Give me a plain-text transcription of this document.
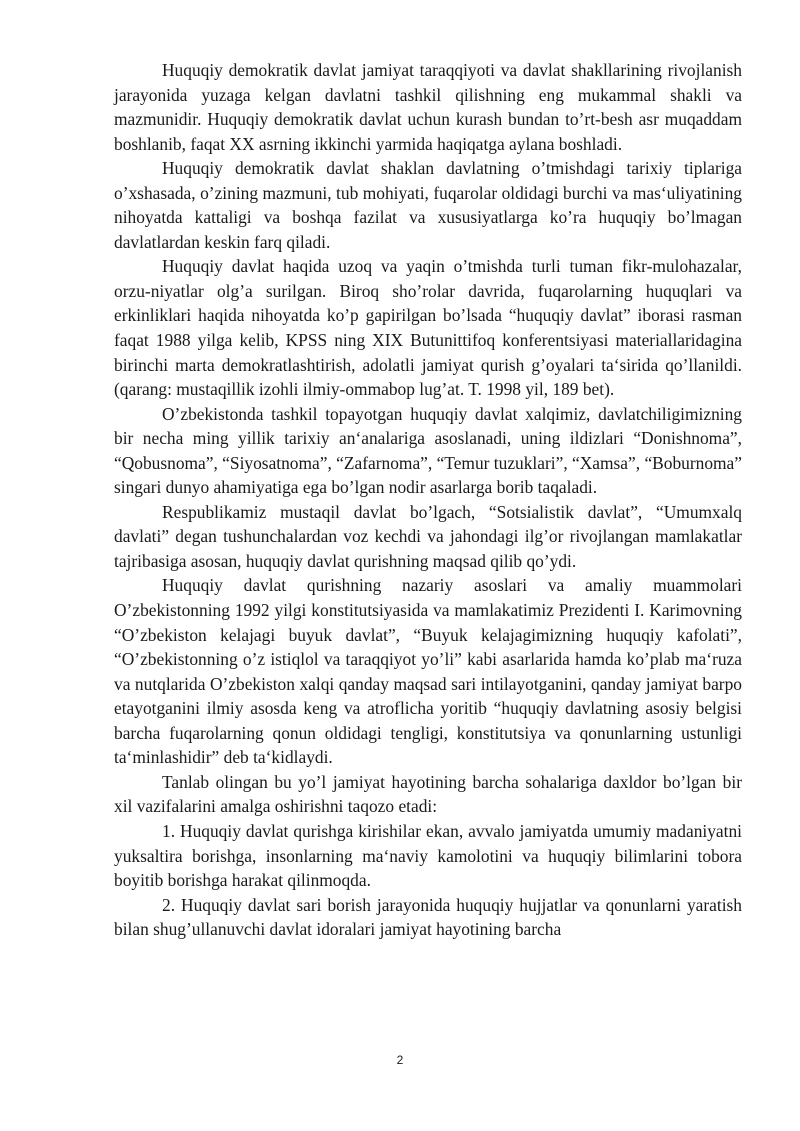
Huquqiy demokratik davlat jamiyat taraqqiyoti va davlat shakllarining rivojlanish jarayonida yuzaga kelgan davlatni tashkil qilishning eng mukammal shakli va mazmunidir. Huquqiy demokratik davlat uchun kurash bundan to’rt-besh asr muqaddam boshlanib, faqat XX asrning ikkinchi yarmida haqiqatga aylana boshladi.

Huquqiy demokratik davlat shaklan davlatning o’tmishdagi tarixiy tiplariga o’xshasada, o’zining mazmuni, tub mohiyati, fuqarolar oldidagi burchi va mas‘uliyatining nihoyatda kattaligi va boshqa fazilat va xususiyatlarga ko’ra huquqiy bo’lmagan davlatlardan keskin farq qiladi.

Huquqiy davlat haqida uzoq va yaqin o’tmishda turli tuman fikr-mulohazalar, orzu-niyatlar olg’a surilgan. Biroq sho’rolar davrida, fuqarolarning huquqlari va erkinliklari haqida nihoyatda ko’p gapirilgan bo’lsada “huquqiy davlat” iborasi rasman faqat 1988 yilga kelib, KPSS ning XIX Butunittifoq konferentsiyasi materiallaridagina birinchi marta demokratlashtirish, adolatli jamiyat qurish g’oyalari ta‘sirida qo’llanildi. (qarang: mustaqillik izohli ilmiy-ommabop lug’at. T. 1998 yil, 189 bet).

O’zbekistonda tashkil topayotgan huquqiy davlat xalqimiz, davlatchiligimizning bir necha ming yillik tarixiy an‘analariga asoslanadi, uning ildizlari “Donishnoma”, “Qobusnoma”, “Siyosatnoma”, “Zafarnoma”, “Temur tuzuklari”, “Xamsa”, “Boburnoma” singari dunyo ahamiyatiga ega bo’lgan nodir asarlarga borib taqaladi.

Respublikamiz mustaqil davlat bo’lgach, “Sotsialistik davlat”, “Umumxalq davlati” degan tushunchalardan voz kechdi va jahondagi ilg’or rivojlangan mamlakatlar tajribasiga asosan, huquqiy davlat qurishning maqsad qilib qo’ydi.

Huquqiy davlat qurishning nazariy asoslari va amaliy muammolari O’zbekistonning 1992 yilgi konstitutsiyasida va mamlakatimiz Prezidenti I. Karimovning “O’zbekiston kelajagi buyuk davlat”, “Buyuk kelajagimizning huquqiy kafolati”, “O’zbekistonning o’z istiqlol va taraqqiyot yo’li” kabi asarlarida hamda ko’plab ma‘ruza va nutqlarida O’zbekiston xalqi qanday maqsad sari intilayotganini, qanday jamiyat barpo etayotganini ilmiy asosda keng va atroflicha yoritib “huquqiy davlatning asosiy belgisi barcha fuqarolarning qonun oldidagi tengligi, konstitutsiya va qonunlarning ustunligi ta‘minlashidir” deb ta‘kidlaydi.

Tanlab olingan bu yo’l jamiyat hayotining barcha sohalariga daxldor bo’lgan bir xil vazifalarini amalga oshirishni taqozo etadi:

1. Huquqiy davlat qurishga kirishilar ekan, avvalo jamiyatda umumiy madaniyatni yuksaltira borishga, insonlarning ma‘naviy kamolotini va huquqiy bilimlarini tobora boyitib borishga harakat qilinmoqda.

2. Huquqiy davlat sari borish jarayonida huquqiy hujjatlar va qonunlarni yaratish bilan shug’ullanuvchi davlat idoralari jamiyat hayotining barcha

2
